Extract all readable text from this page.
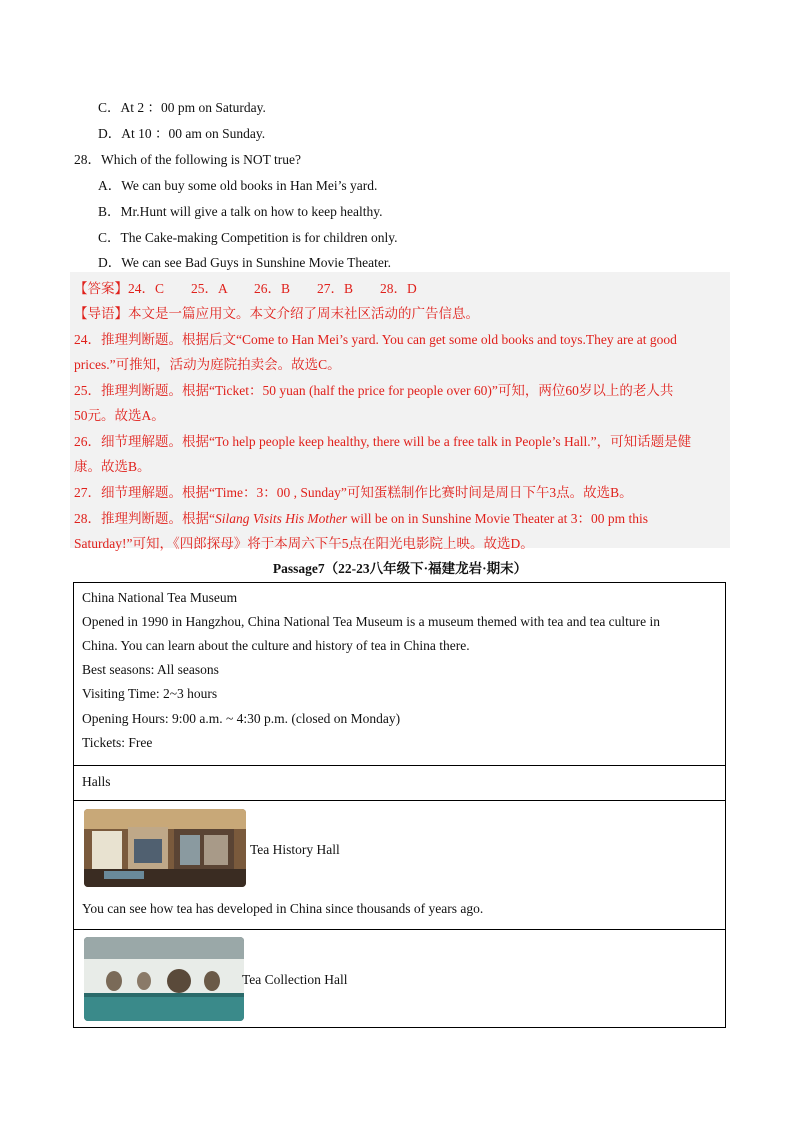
C．At 2 ：00 pm on Saturday.
D．At 10 ：00 am on Sunday.
28．Which of the following is NOT true?
A．We can buy some old books in Han Mei’s yard.
B．Mr.Hunt will give a talk on how to keep healthy.
C．The Cake‐making Competition is for children only.
D．We can see Bad Guys in Sunshine Movie Theater.
【答案】24．C　　25．A　　26．B　　27．B　　28．D
【导语】本文是一篇应用文。本文介绍了周末社区活动的广告信息。
24．推理判断题。根据后文“Come to Han Mei’s yard. You can get some old books and toys.They are at good
prices.”可推知，活动为庭院拍卖会。故选C。
25．推理判断题。根据“Ticket：50 yuan (half the price for people over 60)”可知，两位60岁以上的老人共
50元。故选A。
26．细节理解题。根据“To help people keep healthy, there will be a free talk in People’s Hall.”，可知话题是健
康。故选B。
27．细节理解题。根据“Time：3：00 , Sunday”可知蛋糕制作比赛时间是周日下午3点。故选B。
28．推理判断题。根据“Silang Visits His Mother will be on in Sunshine Movie Theater at 3：00 pm this
Saturday!”可知，《四郎探母》将于本周六下午5点在阳光电影院上映。故选D。
Passage7（22-23八年级下·福建龙岩·期末）
China National Tea Museum
Opened in 1990 in Hangzhou, China National Tea Museum is a museum themed with tea and tea culture in
China. You can learn about the culture and history of tea in China there.
Best seasons: All seasons
Visiting Time: 2~3 hours
Opening Hours: 9:00 a.m. ~ 4:30 p.m. (closed on Monday)
Tickets: Free
Halls
Tea History Hall
You can see how tea has developed in China since thousands of years ago.
Tea Collection Hall
